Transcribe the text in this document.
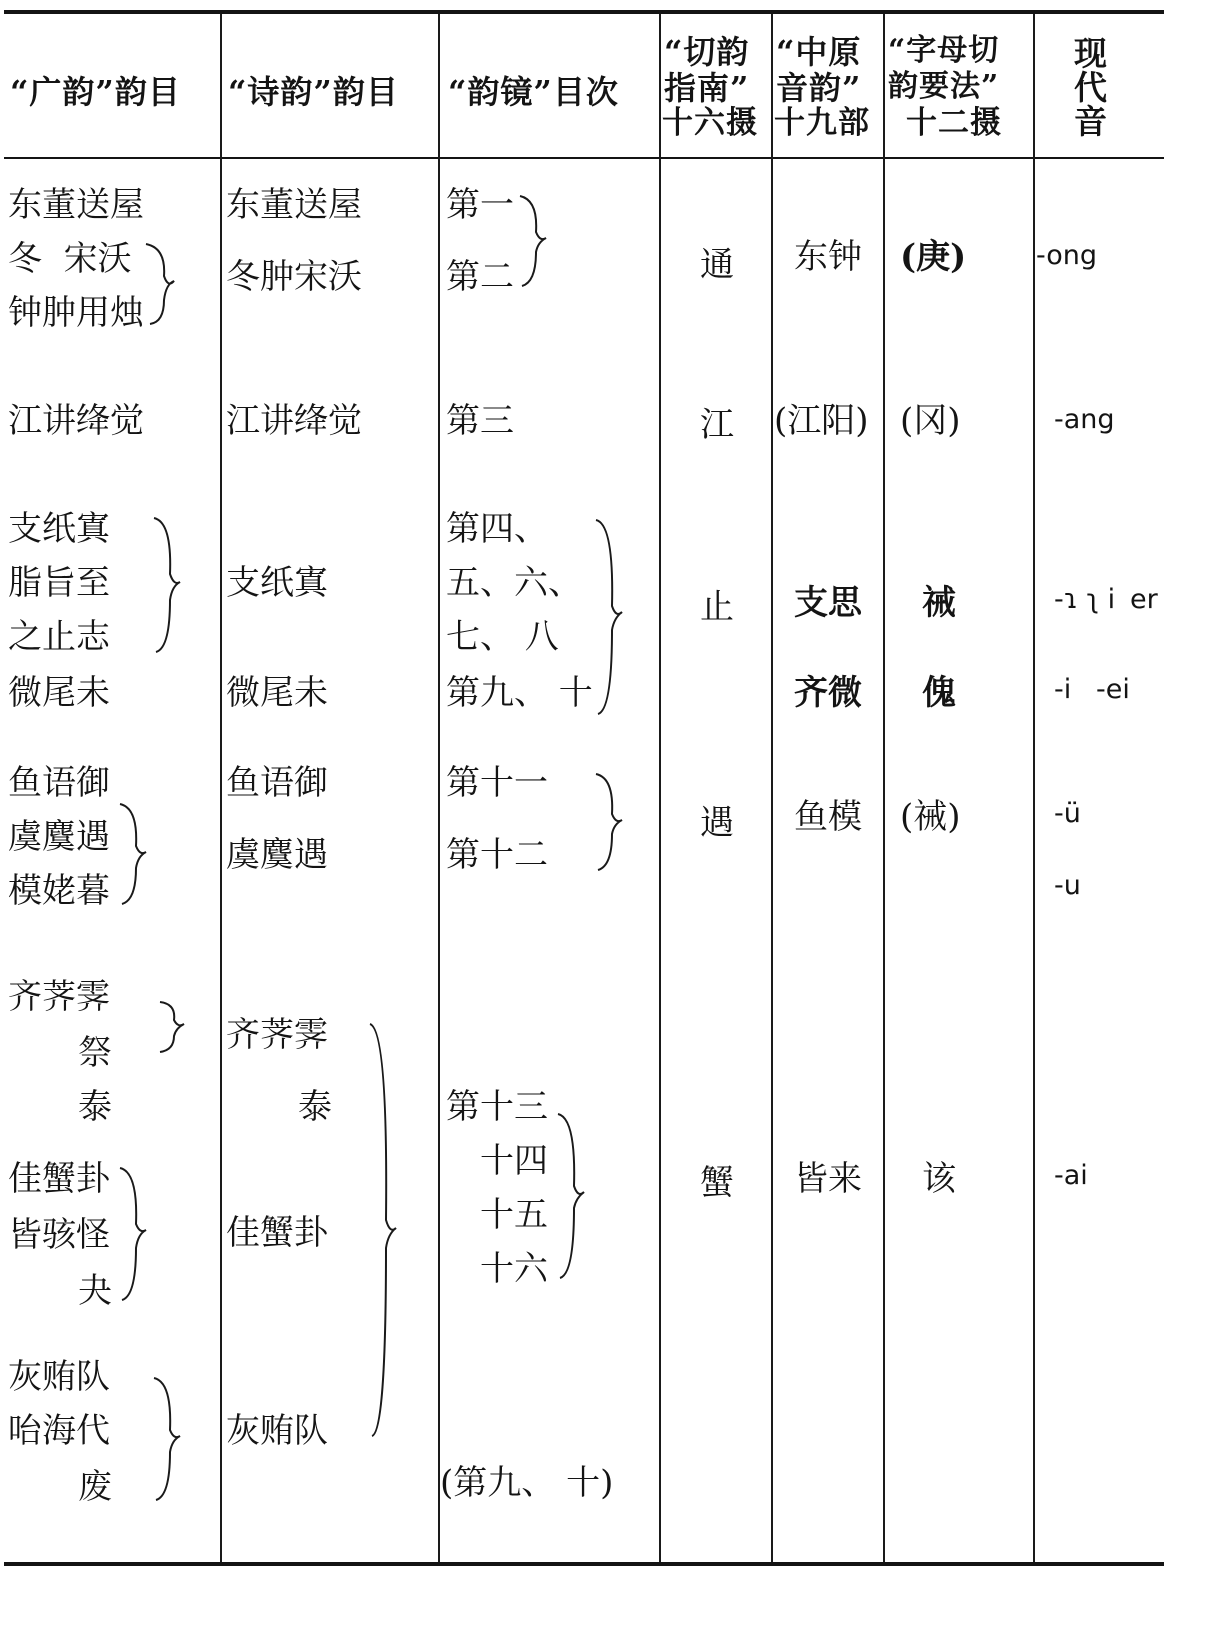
“广韵”韵目	“诗韵”韵目	“韵镜”目次
“切韵
指南”
十六摄
“中原
音韵”
十九部
“字母切
韵要法”
十二摄 现代音
东董送屋
冬  宋沃
钟肿用烛
江讲绛觉
支纸寘
脂旨至
之止志
微尾未
鱼语御
虞麌遇
模姥暮
齐荠霁
祭
泰
佳蟹卦
皆骇怪
夬
灰贿队
咍海代
废
东董送屋
冬肿宋沃
江讲绛觉
支纸寘
微尾未
鱼语御
虞麌遇
齐荠霁
泰
佳蟹卦
灰贿队
第一
第二
第三
第四、
五、六、
七、 八
第九、 十
第十一
第十二
第十三
十四
十五
十六
(第九、 十)
通
江
止
遇
蟹
东钟
(江阳)
支思
齐微
鱼模
皆来
(庚)
(冈)
祴
傀
(祴)
该
-ong
-ang
-ɿ ʅ i er
-i -ei
-ü
-u
-ai
